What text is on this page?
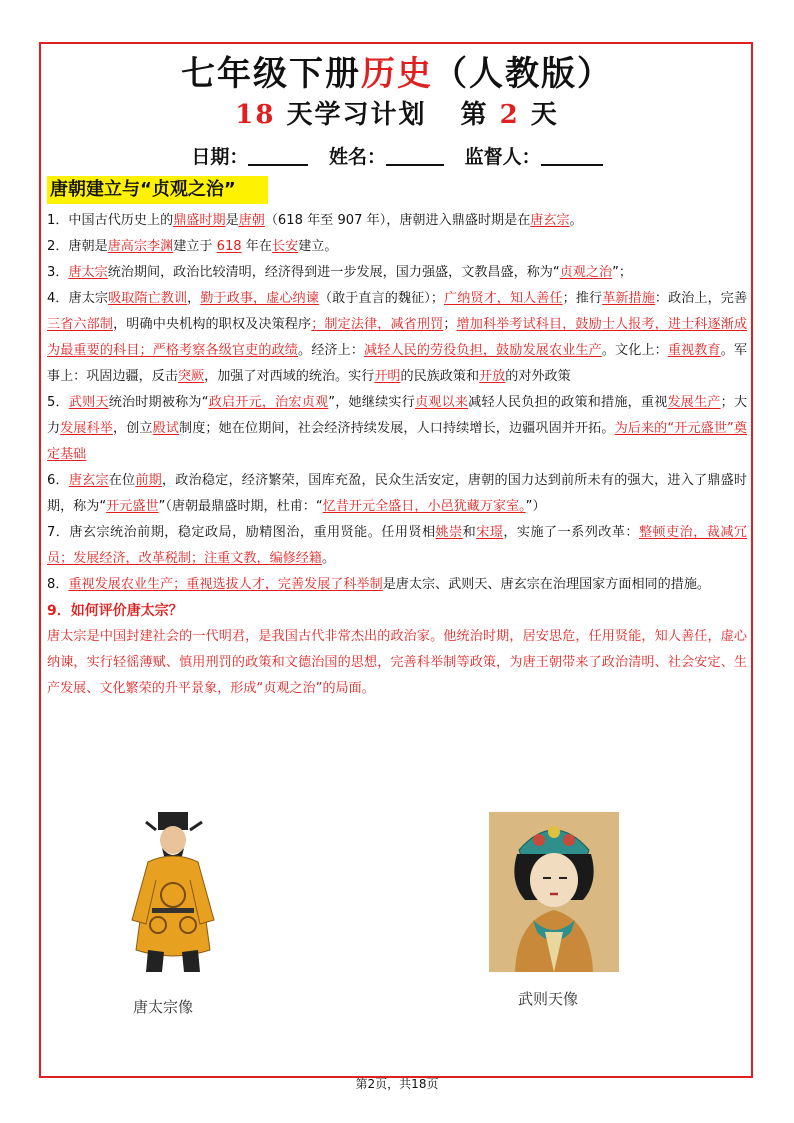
七年级下册历史（人教版）
18 天学习计划 第 2 天
日期：	姓名：	监督人：
唐朝建立与“贞观之治”

1．中国古代历史上的鼎盛时期是唐朝（618 年至 907 年），唐朝进入鼎盛时期是在唐玄宗。

2．唐朝是唐高宗李渊建立于 618 年在长安建立。

3．唐太宗统治期间，政治比较清明，经济得到进一步发展，国力强盛，文教昌盛，称为“贞观之治”；

4．唐太宗吸取隋亡教训，勤于政事，虚心纳谏（敢于直言的魏征）；广纳贤才，知人善任；推行革新措施：政治上，完善三省六部制，明确中央机构的职权及决策程序；制定法律，减省刑罚；增加科举考试科目，鼓励士人报考，进士科逐渐成为最重要的科目；严格考察各级官吏的政绩。经济上：减轻人民的劳役负担，鼓励发展农业生产。文化上：重视教育。军事上：巩固边疆，反击突厥，加强了对西域的统治。实行开明的民族政策和开放的对外政策

5．武则天统治时期被称为“政启开元，治宏贞观”，她继续实行贞观以来减轻人民负担的政策和措施，重视发展生产；大力发展科举，创立殿试制度；她在位期间，社会经济持续发展，人口持续增长，边疆巩固并开拓。为后来的“开元盛世”奠定基础

6．唐玄宗在位前期，政治稳定，经济繁荣，国库充盈，民众生活安定，唐朝的国力达到前所未有的强大，进入了鼎盛时期，称为“开元盛世”（唐朝最鼎盛时期，杜甫：“忆昔开元全盛日，小邑犹藏万家室。”）

7．唐玄宗统治前期，稳定政局，励精图治，重用贤能。任用贤相姚崇和宋璟，实施了一系列改革：整顿吏治，裁减冗员；发展经济，改革税制；注重文教，编修经籍。

8．重视发展农业生产；重视选拔人才，完善发展了科举制是唐太宗、武则天、唐玄宗在治理国家方面相同的措施。

9．如何评价唐太宗？

唐太宗是中国封建社会的一代明君，是我国古代非常杰出的政治家。他统治时期，居安思危，任用贤能，知人善任，虚心纳谏，实行轻徭薄赋、慎用刑罚的政策和文德治国的思想，完善科举制等政策，为唐王朝带来了政治清明、社会安定、生产发展、文化繁荣的升平景象，形成“贞观之治”的局面。

唐太宗像	武则天像
第2页，共18页
